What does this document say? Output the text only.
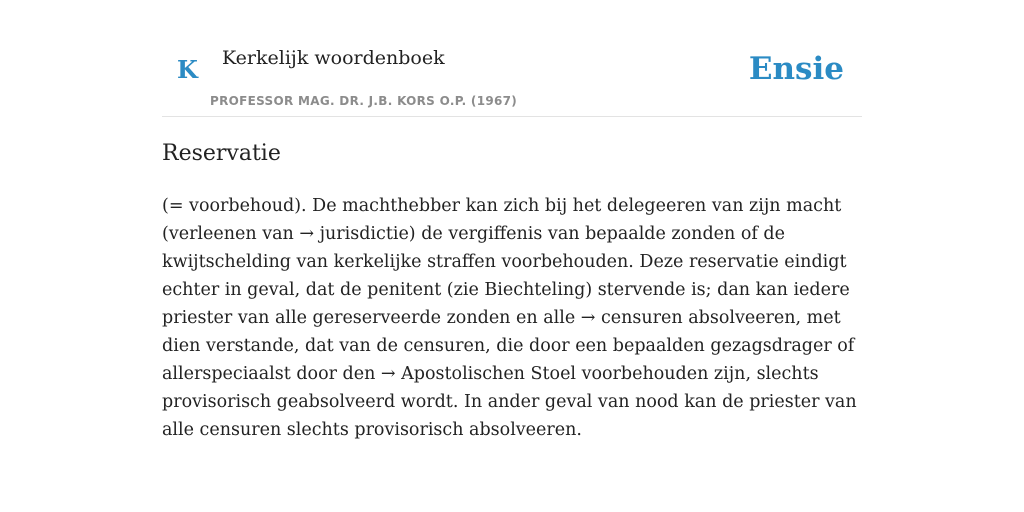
K Kerkelijk woordenboek
PROFESSOR MAG. DR. J.B. KORS O.P. (1967)
Ensie
Reservatie

(= voorbehoud). De machthebber kan zich bij het delegeeren van zijn macht (verleenen van → jurisdictie) de vergiffenis van bepaalde zonden of de kwijtschelding van kerkelijke straffen voorbehouden. Deze reservatie eindigt echter in geval, dat de penitent (zie Biechteling) stervende is; dan kan iedere priester van alle gereserveerde zonden en alle → censuren absolveeren, met dien verstande, dat van de censuren, die door een bepaalden gezagsdrager of allerspeciaalst door den → Apostolischen Stoel voorbehouden zijn, slechts provisorisch geabsolveerd wordt. In ander geval van nood kan de priester van alle censuren slechts provisorisch absolveeren.
